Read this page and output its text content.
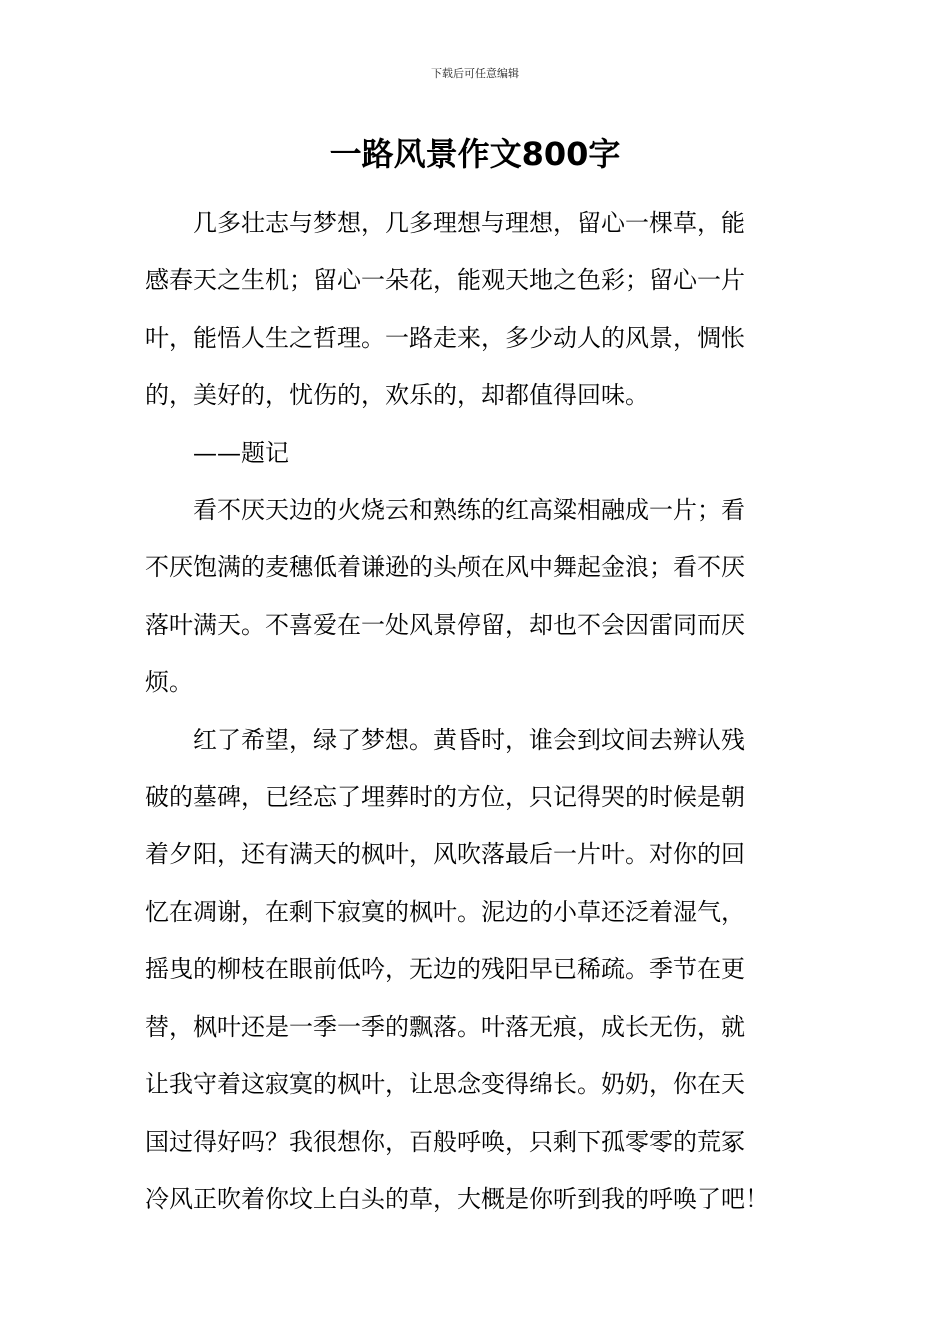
下载后可任意编辑
一路风景作文800字

几多壮志与梦想，几多理想与理想，留心一棵草，能
感春天之生机；留心一朵花，能观天地之色彩；留心一片
叶，能悟人生之哲理。一路走来，多少动人的风景，惆怅
的，美好的，忧伤的，欢乐的，却都值得回味。

——题记

看不厌天边的火烧云和熟练的红高粱相融成一片；看
不厌饱满的麦穗低着谦逊的头颅在风中舞起金浪；看不厌
落叶满天。不喜爱在一处风景停留，却也不会因雷同而厌
烦。

红了希望，绿了梦想。黄昏时，谁会到坟间去辨认残
破的墓碑，已经忘了埋葬时的方位，只记得哭的时候是朝
着夕阳，还有满天的枫叶，风吹落最后一片叶。对你的回
忆在凋谢，在剩下寂寞的枫叶。泥边的小草还泛着湿气，
摇曳的柳枝在眼前低吟，无边的残阳早已稀疏。季节在更
替，枫叶还是一季一季的飘落。叶落无痕，成长无伤，就
让我守着这寂寞的枫叶，让思念变得绵长。奶奶，你在天
国过得好吗？我很想你，百般呼唤，只剩下孤零零的荒冢
冷风正吹着你坟上白头的草，大概是你听到我的呼唤了吧！
